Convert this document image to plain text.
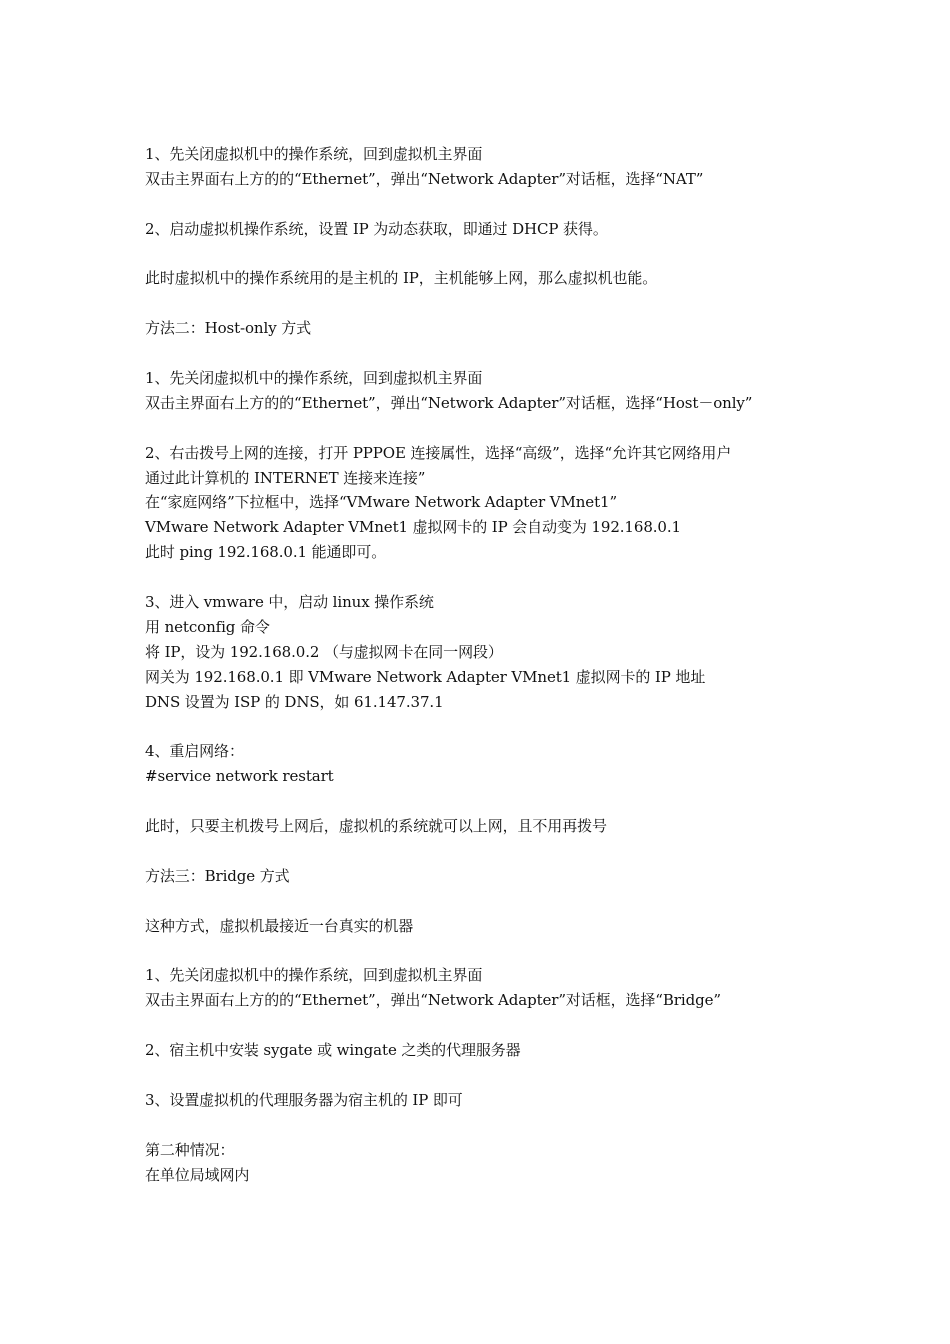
1、先关闭虚拟机中的操作系统，回到虚拟机主界面
双击主界面右上方的的“Ethernet”，弹出“Network Adapter”对话框，选择“NAT”
2、启动虚拟机操作系统，设置 IP 为动态获取，即通过 DHCP 获得。
此时虚拟机中的操作系统用的是主机的 IP，主机能够上网，那么虚拟机也能。
方法二：Host-only 方式
1、先关闭虚拟机中的操作系统，回到虚拟机主界面
双击主界面右上方的的“Ethernet”，弹出“Network Adapter”对话框，选择“Host－only”
2、右击拨号上网的连接，打开 PPPOE 连接属性，选择“高级”，选择“允许其它网络用户
通过此计算机的 INTERNET 连接来连接”
在“家庭网络”下拉框中，选择“VMware Network Adapter VMnet1”
VMware Network Adapter VMnet1 虚拟网卡的 IP 会自动变为 192.168.0.1
此时 ping 192.168.0.1 能通即可。
3、进入 vmware 中，启动 linux 操作系统
用 netconfig 命令
将 IP，设为 192.168.0.2 （与虚拟网卡在同一网段）
网关为 192.168.0.1 即 VMware Network Adapter VMnet1 虚拟网卡的 IP 地址
DNS 设置为 ISP 的 DNS，如 61.147.37.1
4、重启网络：
#service network restart
此时，只要主机拨号上网后，虚拟机的系统就可以上网，且不用再拨号
方法三：Bridge 方式
这种方式，虚拟机最接近一台真实的机器
1、先关闭虚拟机中的操作系统，回到虚拟机主界面
双击主界面右上方的的“Ethernet”，弹出“Network Adapter”对话框，选择“Bridge”
2、宿主机中安装 sygate 或 wingate 之类的代理服务器
3、设置虚拟机的代理服务器为宿主机的 IP 即可
第二种情况：
在单位局域网内
